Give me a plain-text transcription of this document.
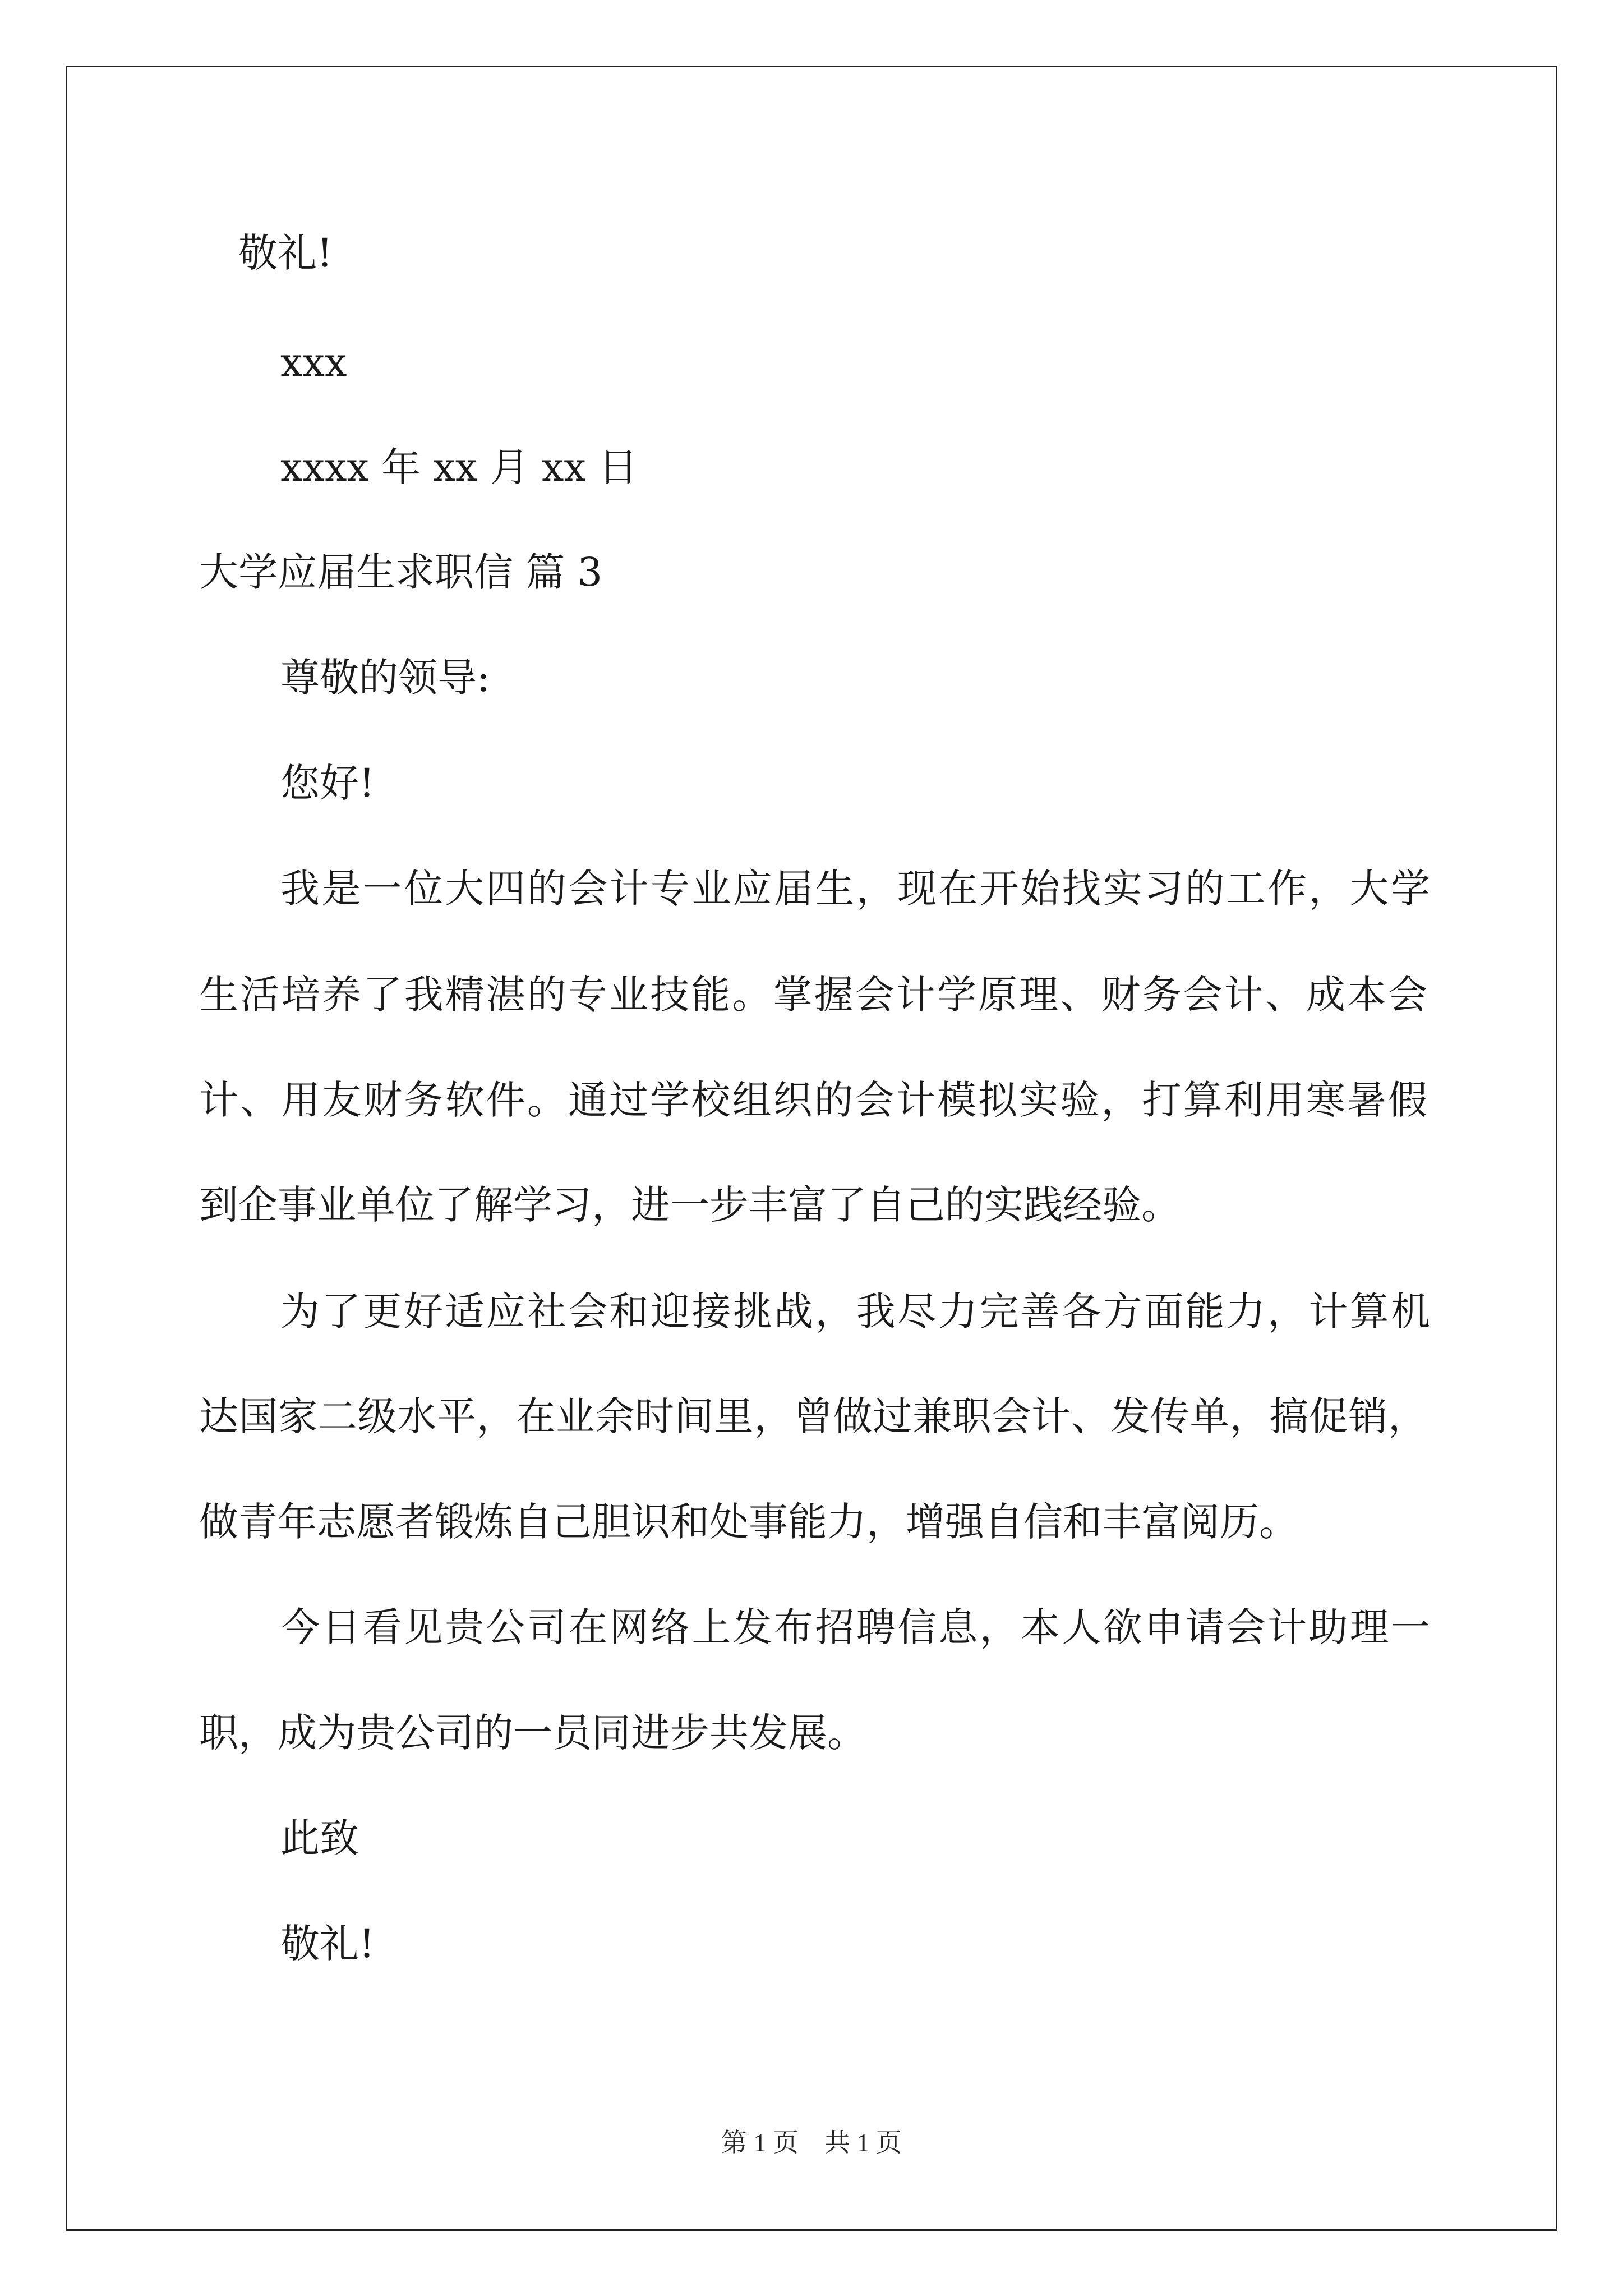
敬礼!

xxx

xxxx 年 xx 月 xx 日

大学应届生求职信 篇 3

尊敬的领导:

您好!

我是一位大四的会计专业应届生，现在开始找实习的工作，大学

生活培养了我精湛的专业技能。掌握会计学原理、财务会计、成本会

计、用友财务软件。通过学校组织的会计模拟实验，打算利用寒暑假

到企事业单位了解学习，进一步丰富了自己的实践经验。

为了更好适应社会和迎接挑战，我尽力完善各方面能力，计算机

达国家二级水平，在业余时间里，曾做过兼职会计、发传单，搞促销，

做青年志愿者锻炼自己胆识和处事能力，增强自信和丰富阅历。

今日看见贵公司在网络上发布招聘信息，本人欲申请会计助理一

职，成为贵公司的一员同进步共发展。

此致

敬礼!

第 1 页　共 1 页
